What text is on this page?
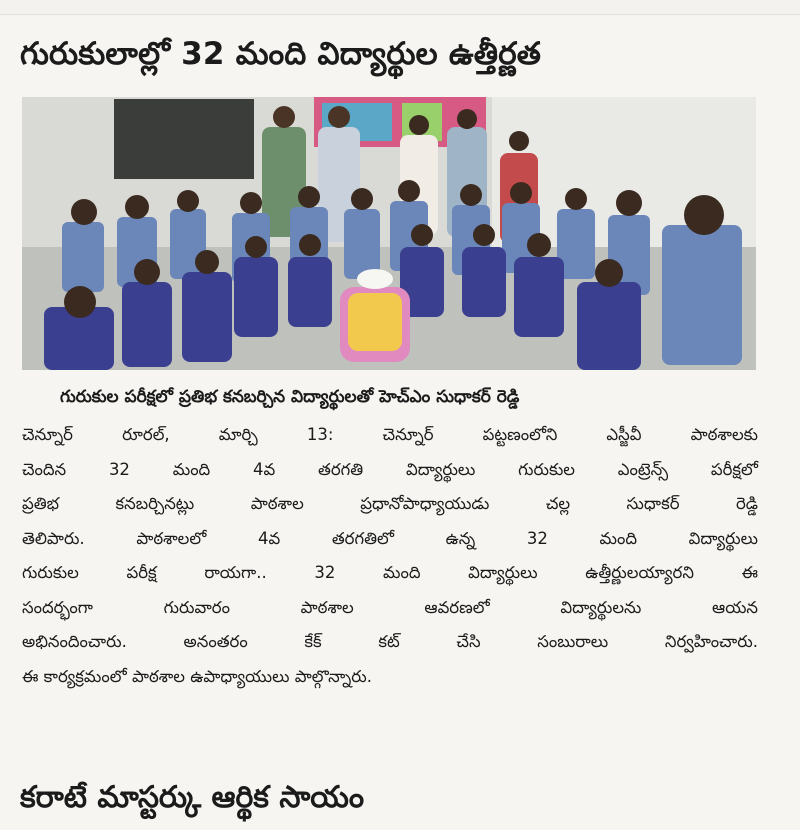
గురుకులాల్లో 32 మంది విద్యార్థుల ఉత్తీర్ణత
గురుకుల పరీక్షలో ప్రతిభ కనబర్చిన విద్యార్థులతో హెచ్ఎం సుధాకర్ రెడ్డి
చెన్నూర్ రూరల్, మార్చి 13: చెన్నూర్ పట్టణంలోని ఎస్జీవీ పాఠశాలకు
చెందిన 32 మంది 4వ తరగతి విద్యార్థులు గురుకుల ఎంట్రెన్స్ పరీక్షలో
ప్రతిభ కనబర్చినట్లు పాఠశాల ప్రధానోపాధ్యాయుడు చల్ల సుధాకర్ రెడ్డి
తెలిపారు. పాఠశాలలో 4వ తరగతిలో ఉన్న 32 మంది విద్యార్థులు
గురుకుల పరీక్ష రాయగా.. 32 మంది విద్యార్థులు ఉత్తీర్ణులయ్యారని ఈ
సందర్భంగా గురువారం పాఠశాల ఆవరణలో విద్యార్థులను ఆయన
అభినందించారు. అనంతరం కేక్ కట్ చేసి సంబురాలు నిర్వహించారు.
ఈ కార్యక్రమంలో పాఠశాల ఉపాధ్యాయులు పాల్గొన్నారు.
కరాటే మాస్టర్కు ఆర్థిక సాయం
